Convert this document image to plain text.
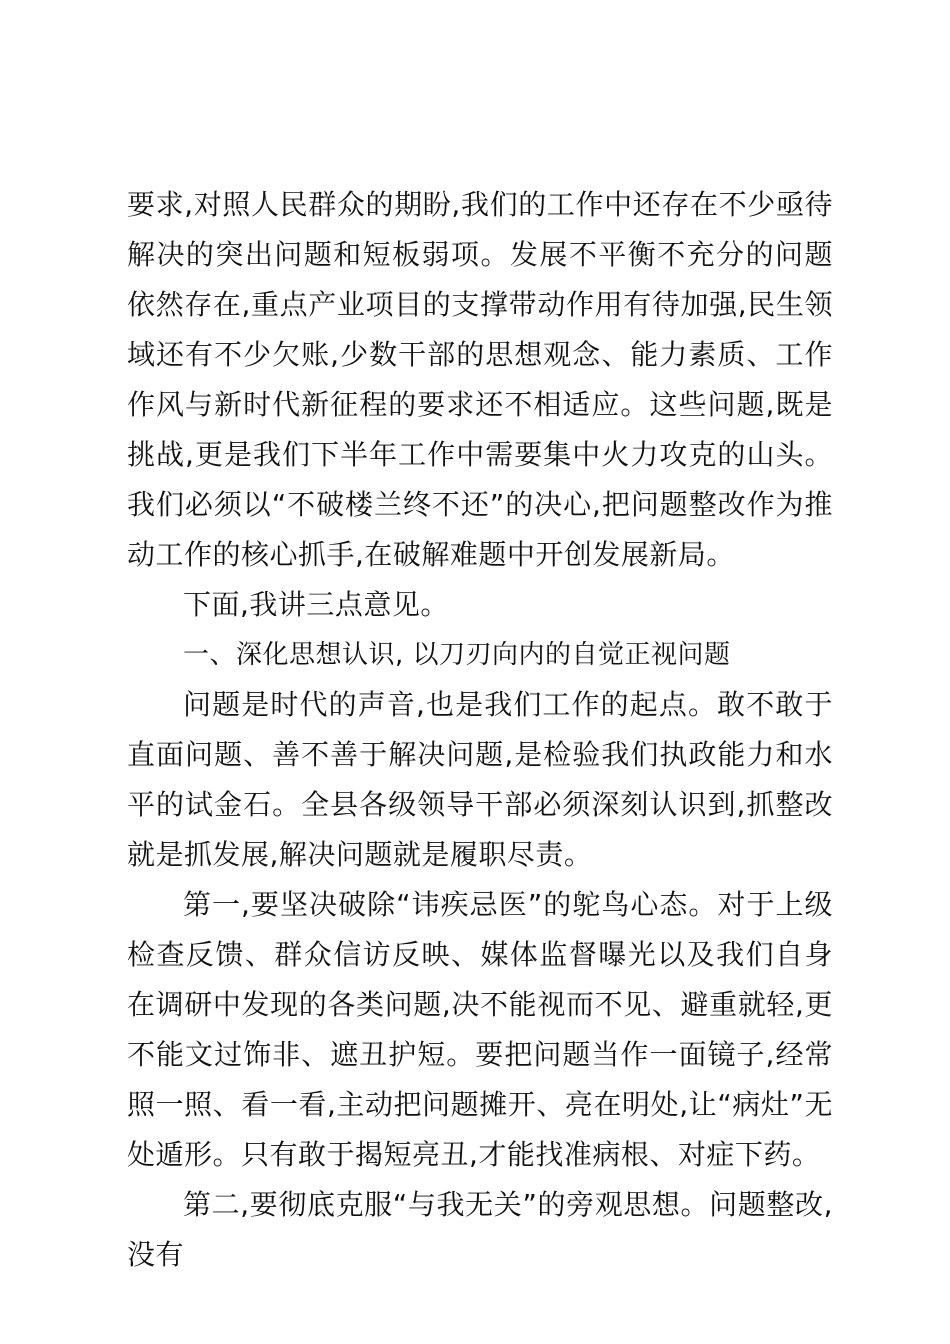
要求,对照人民群众的期盼,我们的工作中还存在不少亟待解决的突出问题和短板弱项。发展不平衡不充分的问题依然存在,重点产业项目的支撑带动作用有待加强,民生领域还有不少欠账,少数干部的思想观念、能力素质、工作作风与新时代新征程的要求还不相适应。这些问题,既是挑战,更是我们下半年工作中需要集中火力攻克的山头。我们必须以“不破楼兰终不还”的决心,把问题整改作为推动工作的核心抓手,在破解难题中开创发展新局。

下面,我讲三点意见。

一、深化思想认识, 以刀刃向内的自觉正视问题

问题是时代的声音,也是我们工作的起点。敢不敢于直面问题、善不善于解决问题,是检验我们执政能力和水平的试金石。全县各级领导干部必须深刻认识到,抓整改就是抓发展,解决问题就是履职尽责。

第一,要坚决破除“讳疾忌医”的鸵鸟心态。对于上级检查反馈、群众信访反映、媒体监督曝光以及我们自身在调研中发现的各类问题,决不能视而不见、避重就轻,更不能文过饰非、遮丑护短。要把问题当作一面镜子,经常照一照、看一看,主动把问题摊开、亮在明处,让“病灶”无处遁形。只有敢于揭短亮丑,才能找准病根、对症下药。

第二,要彻底克服“与我无关”的旁观思想。问题整改,没有
